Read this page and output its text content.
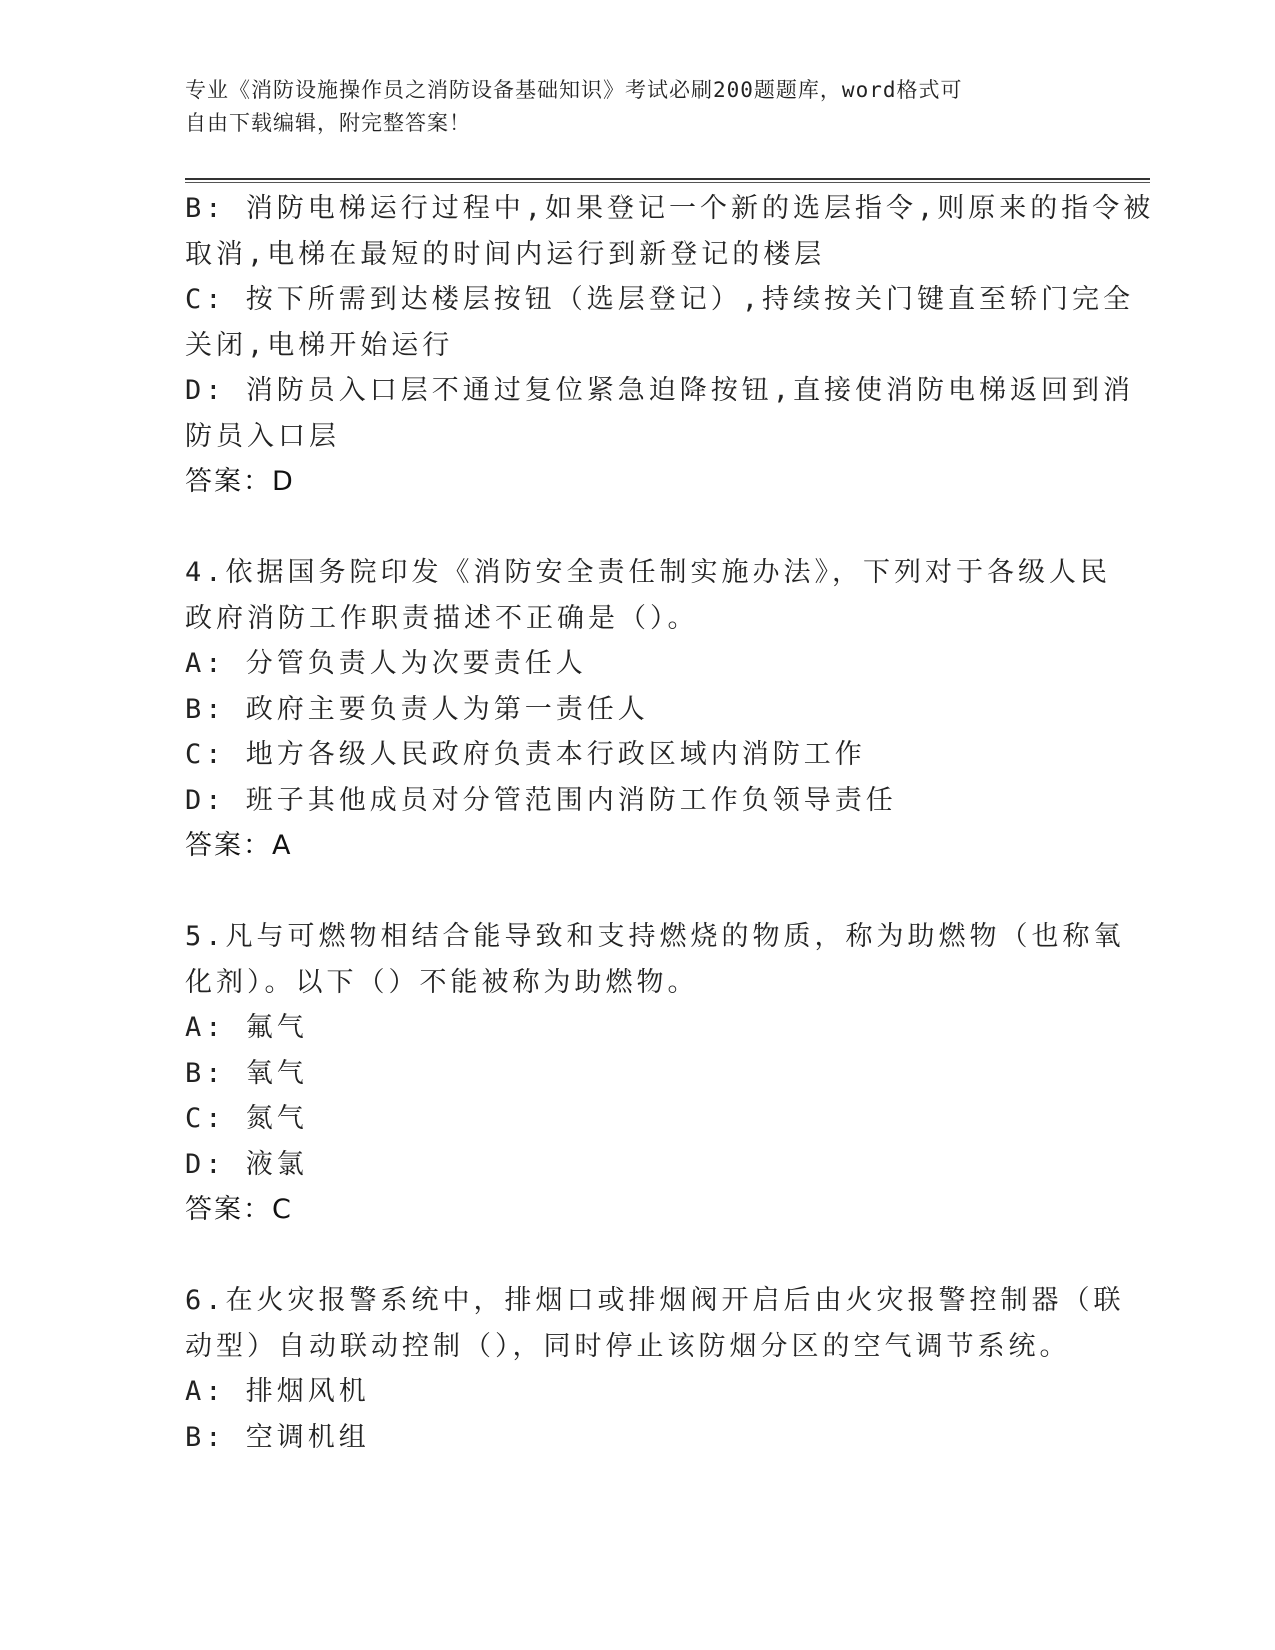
专业《消防设施操作员之消防设备基础知识》考试必刷200题题库，word格式可
自由下载编辑，附完整答案！
B: 消防电梯运行过程中,如果登记一个新的选层指令,则原来的指令被
取消,电梯在最短的时间内运行到新登记的楼层
C: 按下所需到达楼层按钮（选层登记）,持续按关门键直至轿门完全
关闭,电梯开始运行
D: 消防员入口层不通过复位紧急迫降按钮,直接使消防电梯返回到消
防员入口层
答案：D
4.依据国务院印发《消防安全责任制实施办法》，下列对于各级人民
政府消防工作职责描述不正确是（）。
A: 分管负责人为次要责任人
B: 政府主要负责人为第一责任人
C: 地方各级人民政府负责本行政区域内消防工作
D: 班子其他成员对分管范围内消防工作负领导责任
答案：A
5.凡与可燃物相结合能导致和支持燃烧的物质，称为助燃物（也称氧
化剂）。以下（）不能被称为助燃物。
A: 氟气
B: 氧气
C: 氮气
D: 液氯
答案：C
6.在火灾报警系统中，排烟口或排烟阀开启后由火灾报警控制器（联
动型）自动联动控制（），同时停止该防烟分区的空气调节系统。
A: 排烟风机
B: 空调机组
